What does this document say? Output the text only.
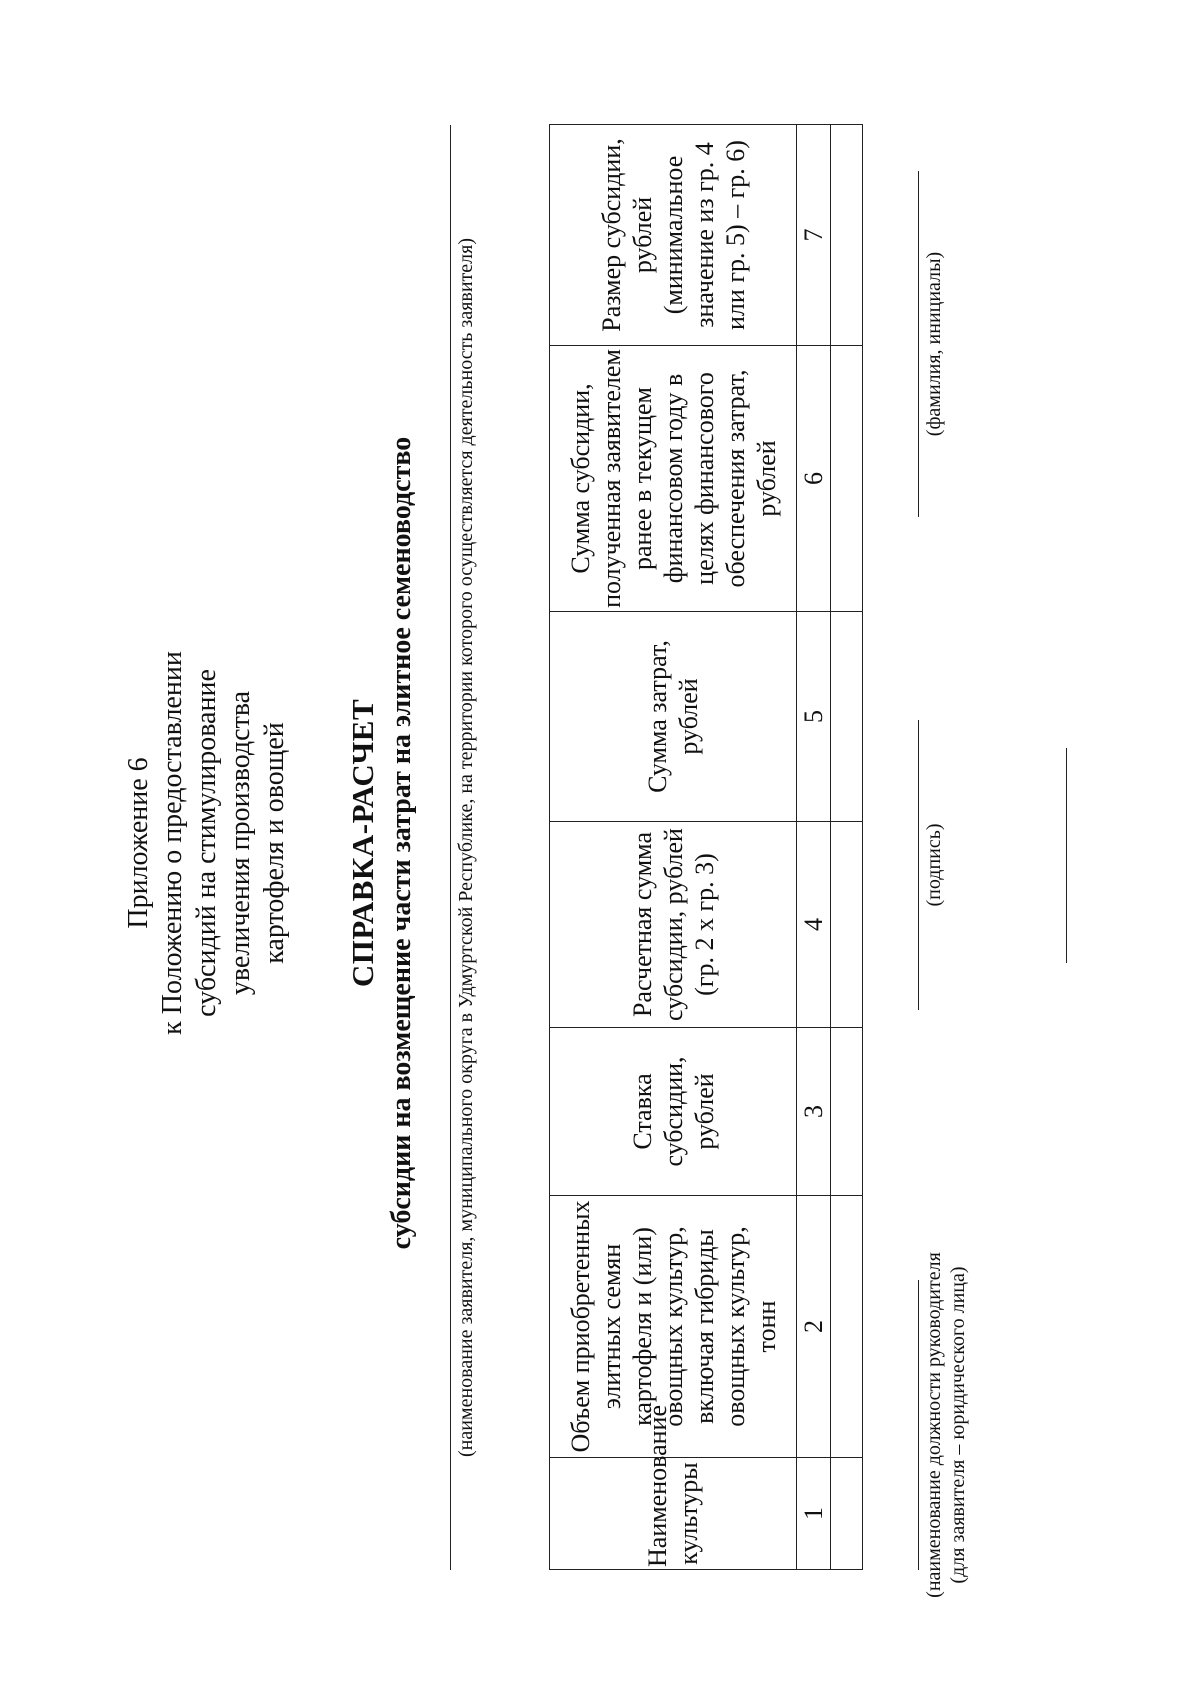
Приложение 6 к Положению о предоставлении субсидий на стимулирование увеличения производства картофеля и овощей СПРАВКА-РАСЧЕТ субсидии на возмещение части затрат на элитное семеноводство (наименование заявителя, муниципального округа в Удмуртской Республике, на территории которого осуществляется деятельность заявителя)
Наименование культуры	Объем приобретенных элитных семян картофеля и (или) овощных культур, включая гибриды овощных культур, тонн	Ставка субсидии, рублей	Расчетная сумма субсидии, рублей (гр. 2 х гр. 3)	Сумма затрат, рублей	Сумма субсидии, полученная заявителем ранее в текущем финансовом году в целях финансового обеспечения затрат, рублей	Размер субсидии, рублей (минимальное значение из гр. 4 или гр. 5) – гр. 6)
1	2	3	4	5	6	7

(наименование должности руководителя (для заявителя – юридического лица)
(подпись)
(фамилия, инициалы)
